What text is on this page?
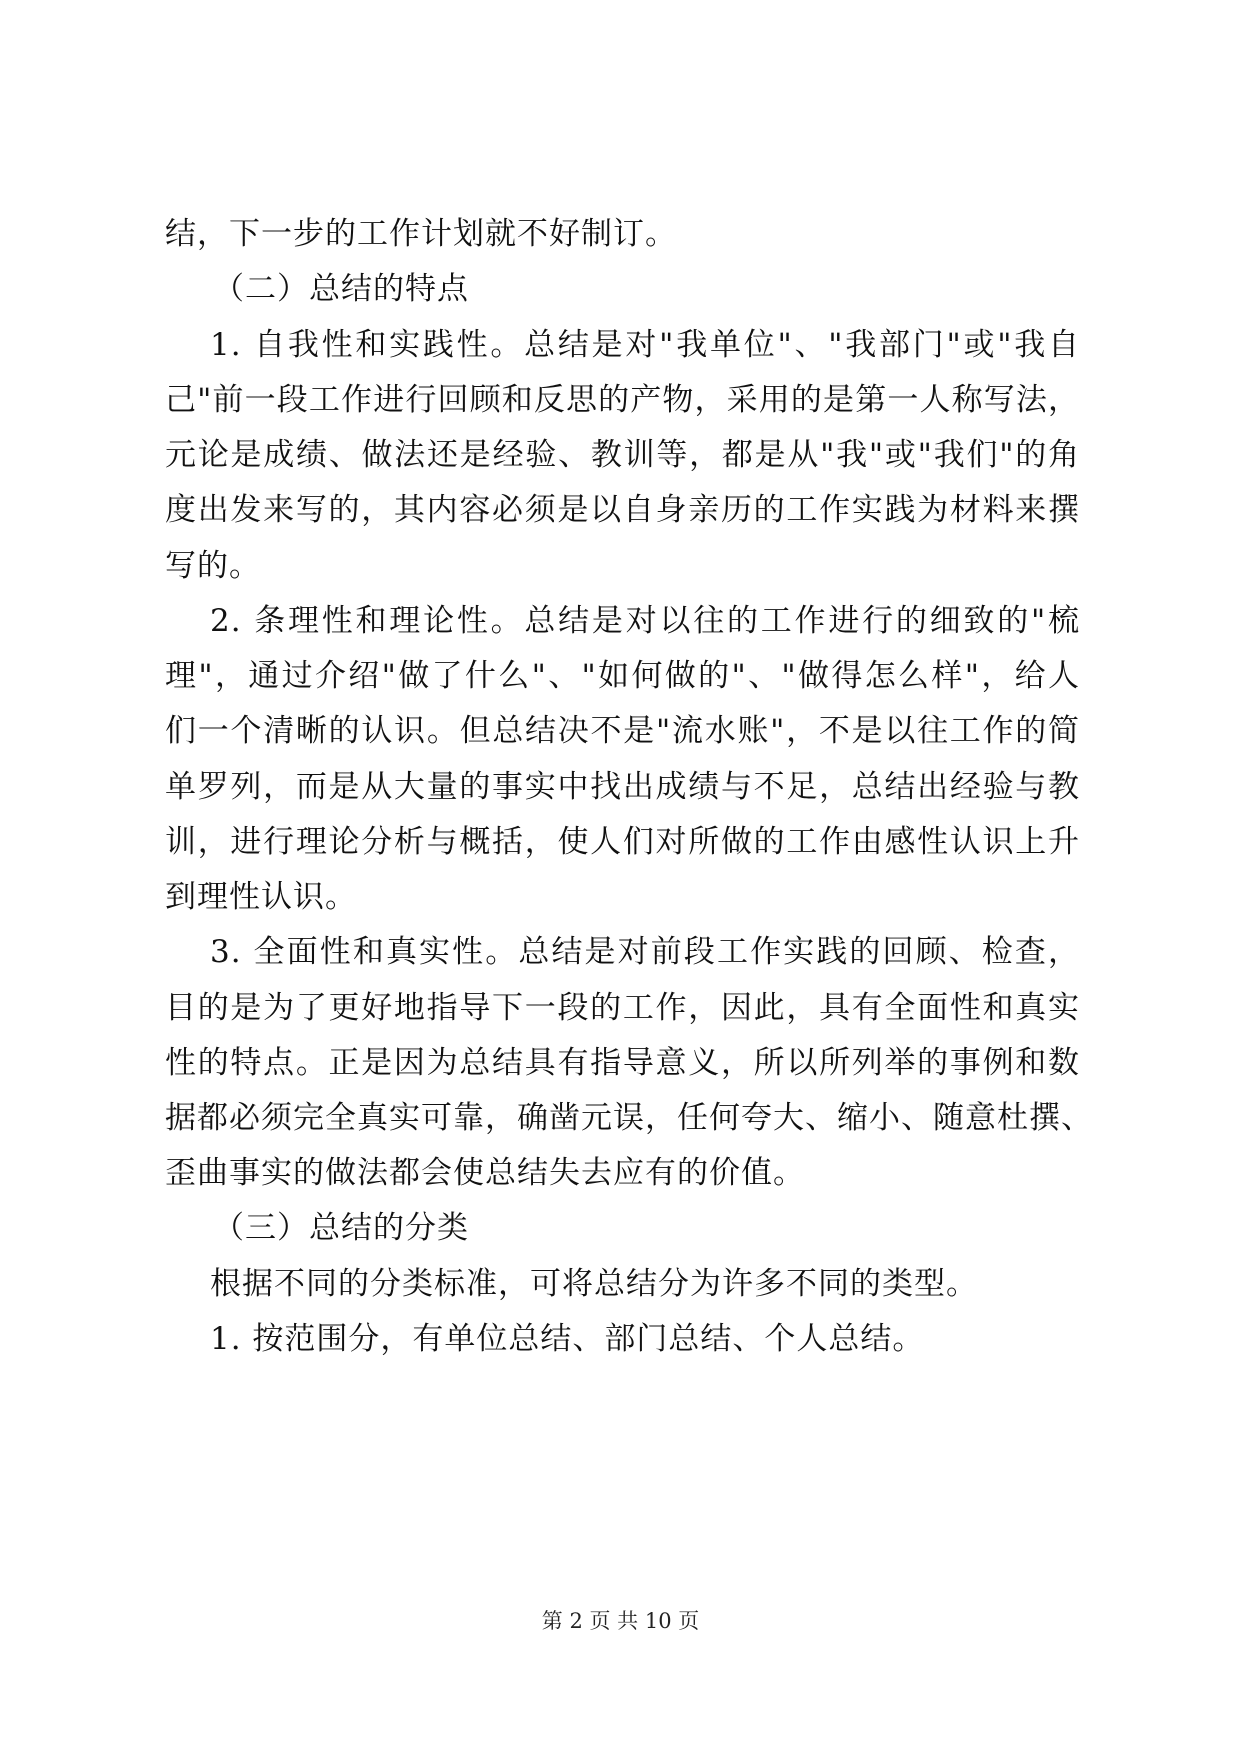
结，下一步的工作计划就不好制订。
（二）总结的特点
1. 自我性和实践性。总结是对"我单位"、"我部门"或"我自
己"前一段工作进行回顾和反思的产物，采用的是第一人称写法，
元论是成绩、做法还是经验、教训等，都是从"我"或"我们"的角
度出发来写的，其内容必须是以自身亲历的工作实践为材料来撰
写的。
2. 条理性和理论性。总结是对以往的工作进行的细致的"梳
理"，通过介绍"做了什么"、"如何做的"、"做得怎么样"，给人
们一个清晰的认识。但总结决不是"流水账"，不是以往工作的简
单罗列，而是从大量的事实中找出成绩与不足，总结出经验与教
训，进行理论分析与概括，使人们对所做的工作由感性认识上升
到理性认识。
3. 全面性和真实性。总结是对前段工作实践的回顾、检查，
目的是为了更好地指导下一段的工作，因此，具有全面性和真实
性的特点。正是因为总结具有指导意义，所以所列举的事例和数
据都必须完全真实可靠，确凿元误，任何夸大、缩小、随意杜撰、
歪曲事实的做法都会使总结失去应有的价值。
（三）总结的分类
根据不同的分类标准，可将总结分为许多不同的类型。
1. 按范围分，有单位总结、部门总结、个人总结。
第 2 页 共 10 页
